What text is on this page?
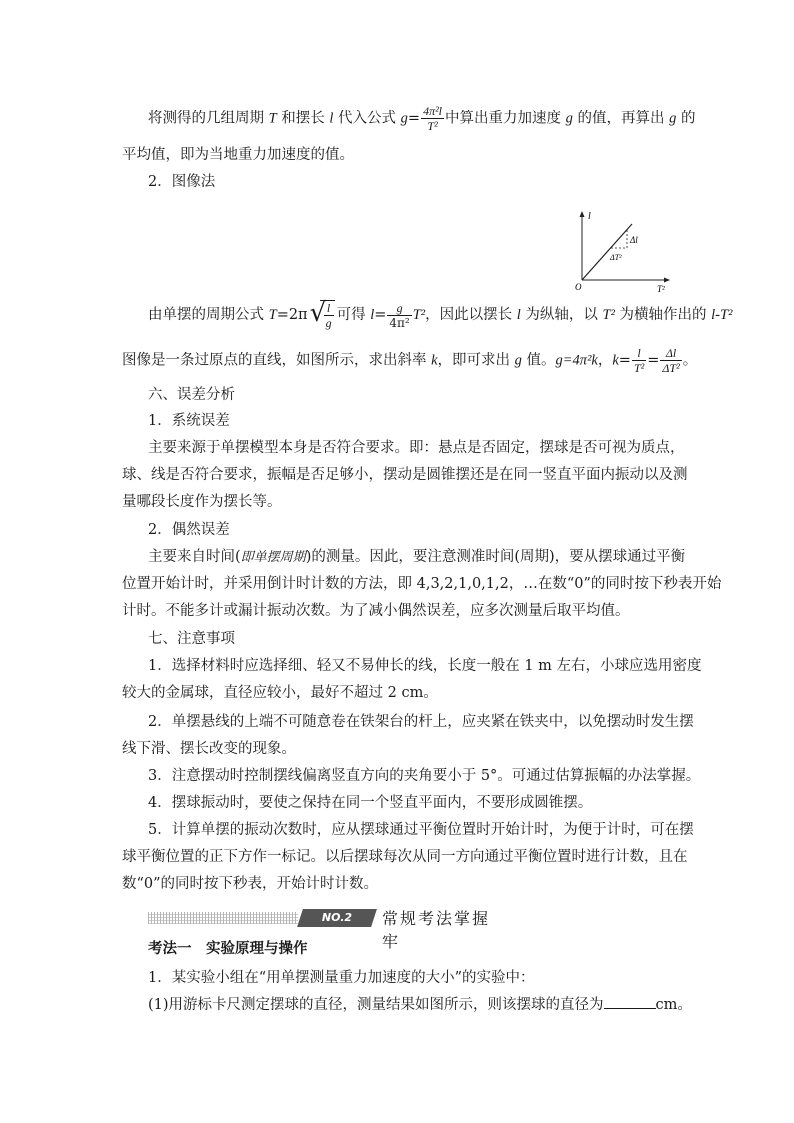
将测得的几组周期 T 和摆长 l 代入公式 $g= \frac{\text{4π²l}}{\text{T²}}$ 中算出重力加速度 g 的值，再算出 g 的
平均值，即为当地重力加速度的值。
2．图像法
l
T²
O
Δl
ΔT²
由单摆的周期公式 T=2π √
$\frac{l}{g}$ 可得 $l= \frac{g}{\text{4π²}} T^2$，因此以摆长 l 为纵轴，以 T² 为横轴作出的 l-T²
图像是一条过原点的直线，如图所示，求出斜率 k，即可求出 g 值。g=4π²k，$k= \frac{l}{\text{T²}} = \frac{\Delta l}{\text{ΔT²}}$ 。
六、误差分析
1．系统误差
主要来源于单摆模型本身是否符合要求。即：悬点是否固定，摆球是否可视为质点，
球、线是否符合要求，振幅是否足够小，摆动是圆锥摆还是在同一竖直平面内振动以及测
量哪段长度作为摆长等。
2．偶然误差
主要来自时间(即单摆周期)的测量。因此，要注意测准时间(周期)，要从摆球通过平衡
位置开始计时，并采用倒计时计数的方法，即 4,3,2,1,0,1,2，…在数“0”的同时按下秒表开始
计时。不能多计或漏计振动次数。为了减小偶然误差，应多次测量后取平均值。
七、注意事项
1．选择材料时应选择细、轻又不易伸长的线，长度一般在 1 m 左右，小球应选用密度
较大的金属球，直径应较小，最好不超过 2 cm。
2．单摆悬线的上端不可随意卷在铁架台的杆上，应夹紧在铁夹中，以免摆动时发生摆
线下滑、摆长改变的现象。
3．注意摆动时控制摆线偏离竖直方向的夹角要小于 5°。可通过估算振幅的办法掌握。
4．摆球振动时，要使之保持在同一个竖直平面内，不要形成圆锥摆。
5．计算单摆的振动次数时，应从摆球通过平衡位置时开始计时，为便于计时，可在摆
球平衡位置的正下方作一标记。以后摆球每次从同一方向通过平衡位置时进行计数，且在
数“0”的同时按下秒表，开始计时计数。
NO.2	常规考法掌握牢
考法一　实验原理与操作
1．某实验小组在“用单摆测量重力加速度的大小”的实验中：
(1)用游标卡尺测定摆球的直径，测量结果如图所示，则该摆球的直径为	cm。
